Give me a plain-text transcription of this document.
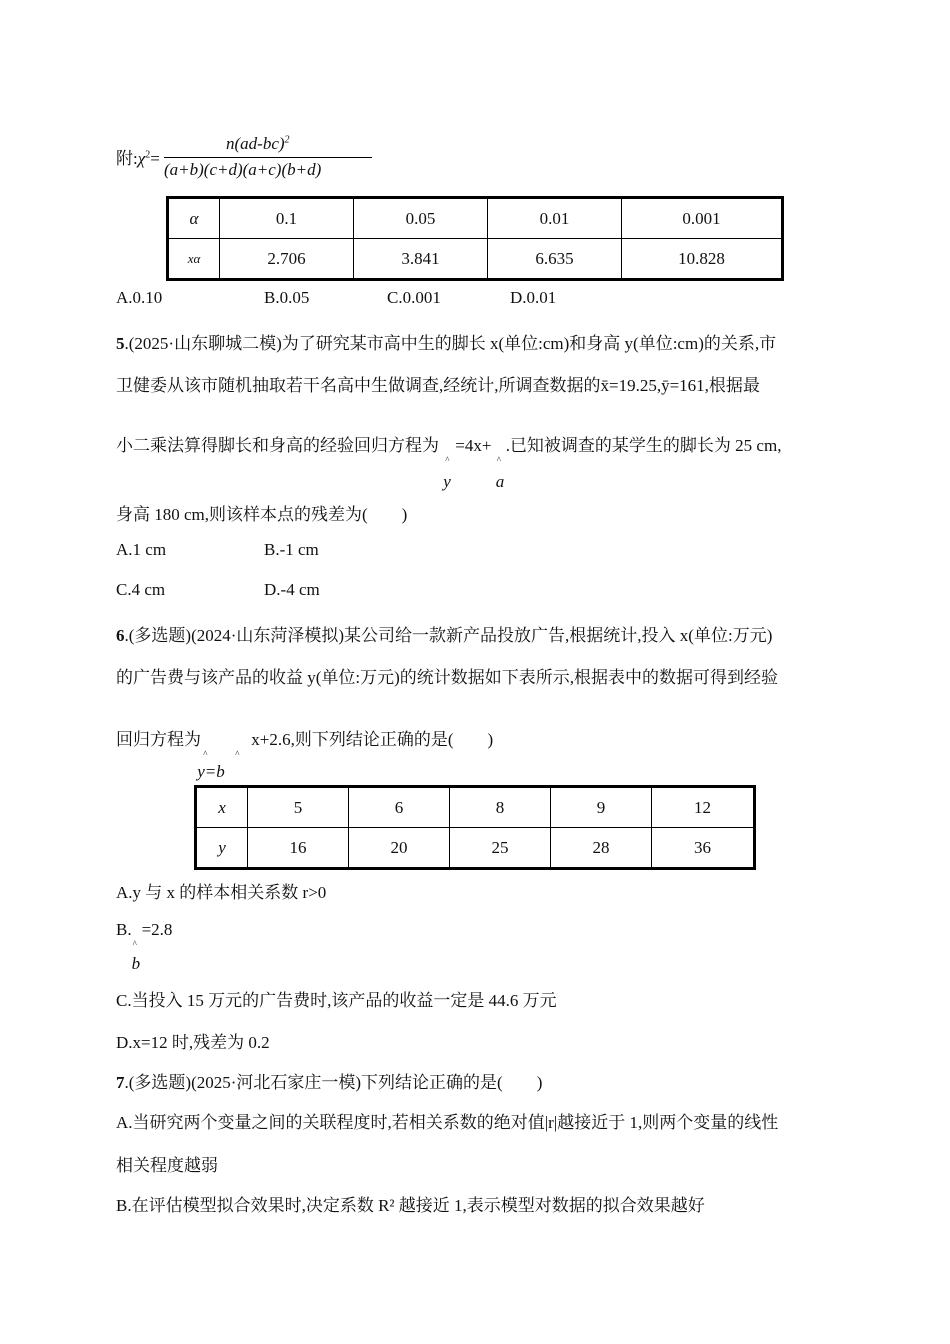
附$:\chi^2=$
$n(ad-bc)^2$
(a+b)(c+d)(a+c)(b+d)
α	0.1	0.05	0.01	0.001
xα	2.706	3.841	6.635	10.828
A.0.10	B.0.05	C.0.001	D.0.01
5.(2025·山东聊城二模)为了研究某市高中生的脚长 x(单位:cm)和身高 y(单位:cm)的关系,市
卫健委从该市随机抽取若干名高中生做调查,经统计,所调查数据的x̄=19.25,ȳ=161,根据最
小二乘法算得脚长和身高的经验回归方程为
^
y
=4x+
^
a
.已知被调查的某学生的脚长为 25 cm,
身高 180 cm,则该样本点的残差为(　　)
A.1 cm	B.-1 cm
C.4 cm	D.-4 cm
6.(多选题)(2024·山东菏泽模拟)某公司给一款新产品投放广告,根据统计,投入 x(单位:万元)
的广告费与该产品的收益 y(单位:万元)的统计数据如下表所示,根据表中的数据可得到经验
回归方程为
^	^
y=b
x+2.6,则下列结论正确的是(　　)
x	5	6	8	9	12
y	16	20	25	28	36
A.y 与 x 的样本相关系数 r>0
B.
^
b
=2.8
C.当投入 15 万元的广告费时,该产品的收益一定是 44.6 万元
D.x=12 时,残差为 0.2
7.(多选题)(2025·河北石家庄一模)下列结论正确的是(　　)
A.当研究两个变量之间的关联程度时,若相关系数的绝对值|r|越接近于 1,则两个变量的线性
相关程度越弱
B.在评估模型拟合效果时,决定系数 R² 越接近 1,表示模型对数据的拟合效果越好
